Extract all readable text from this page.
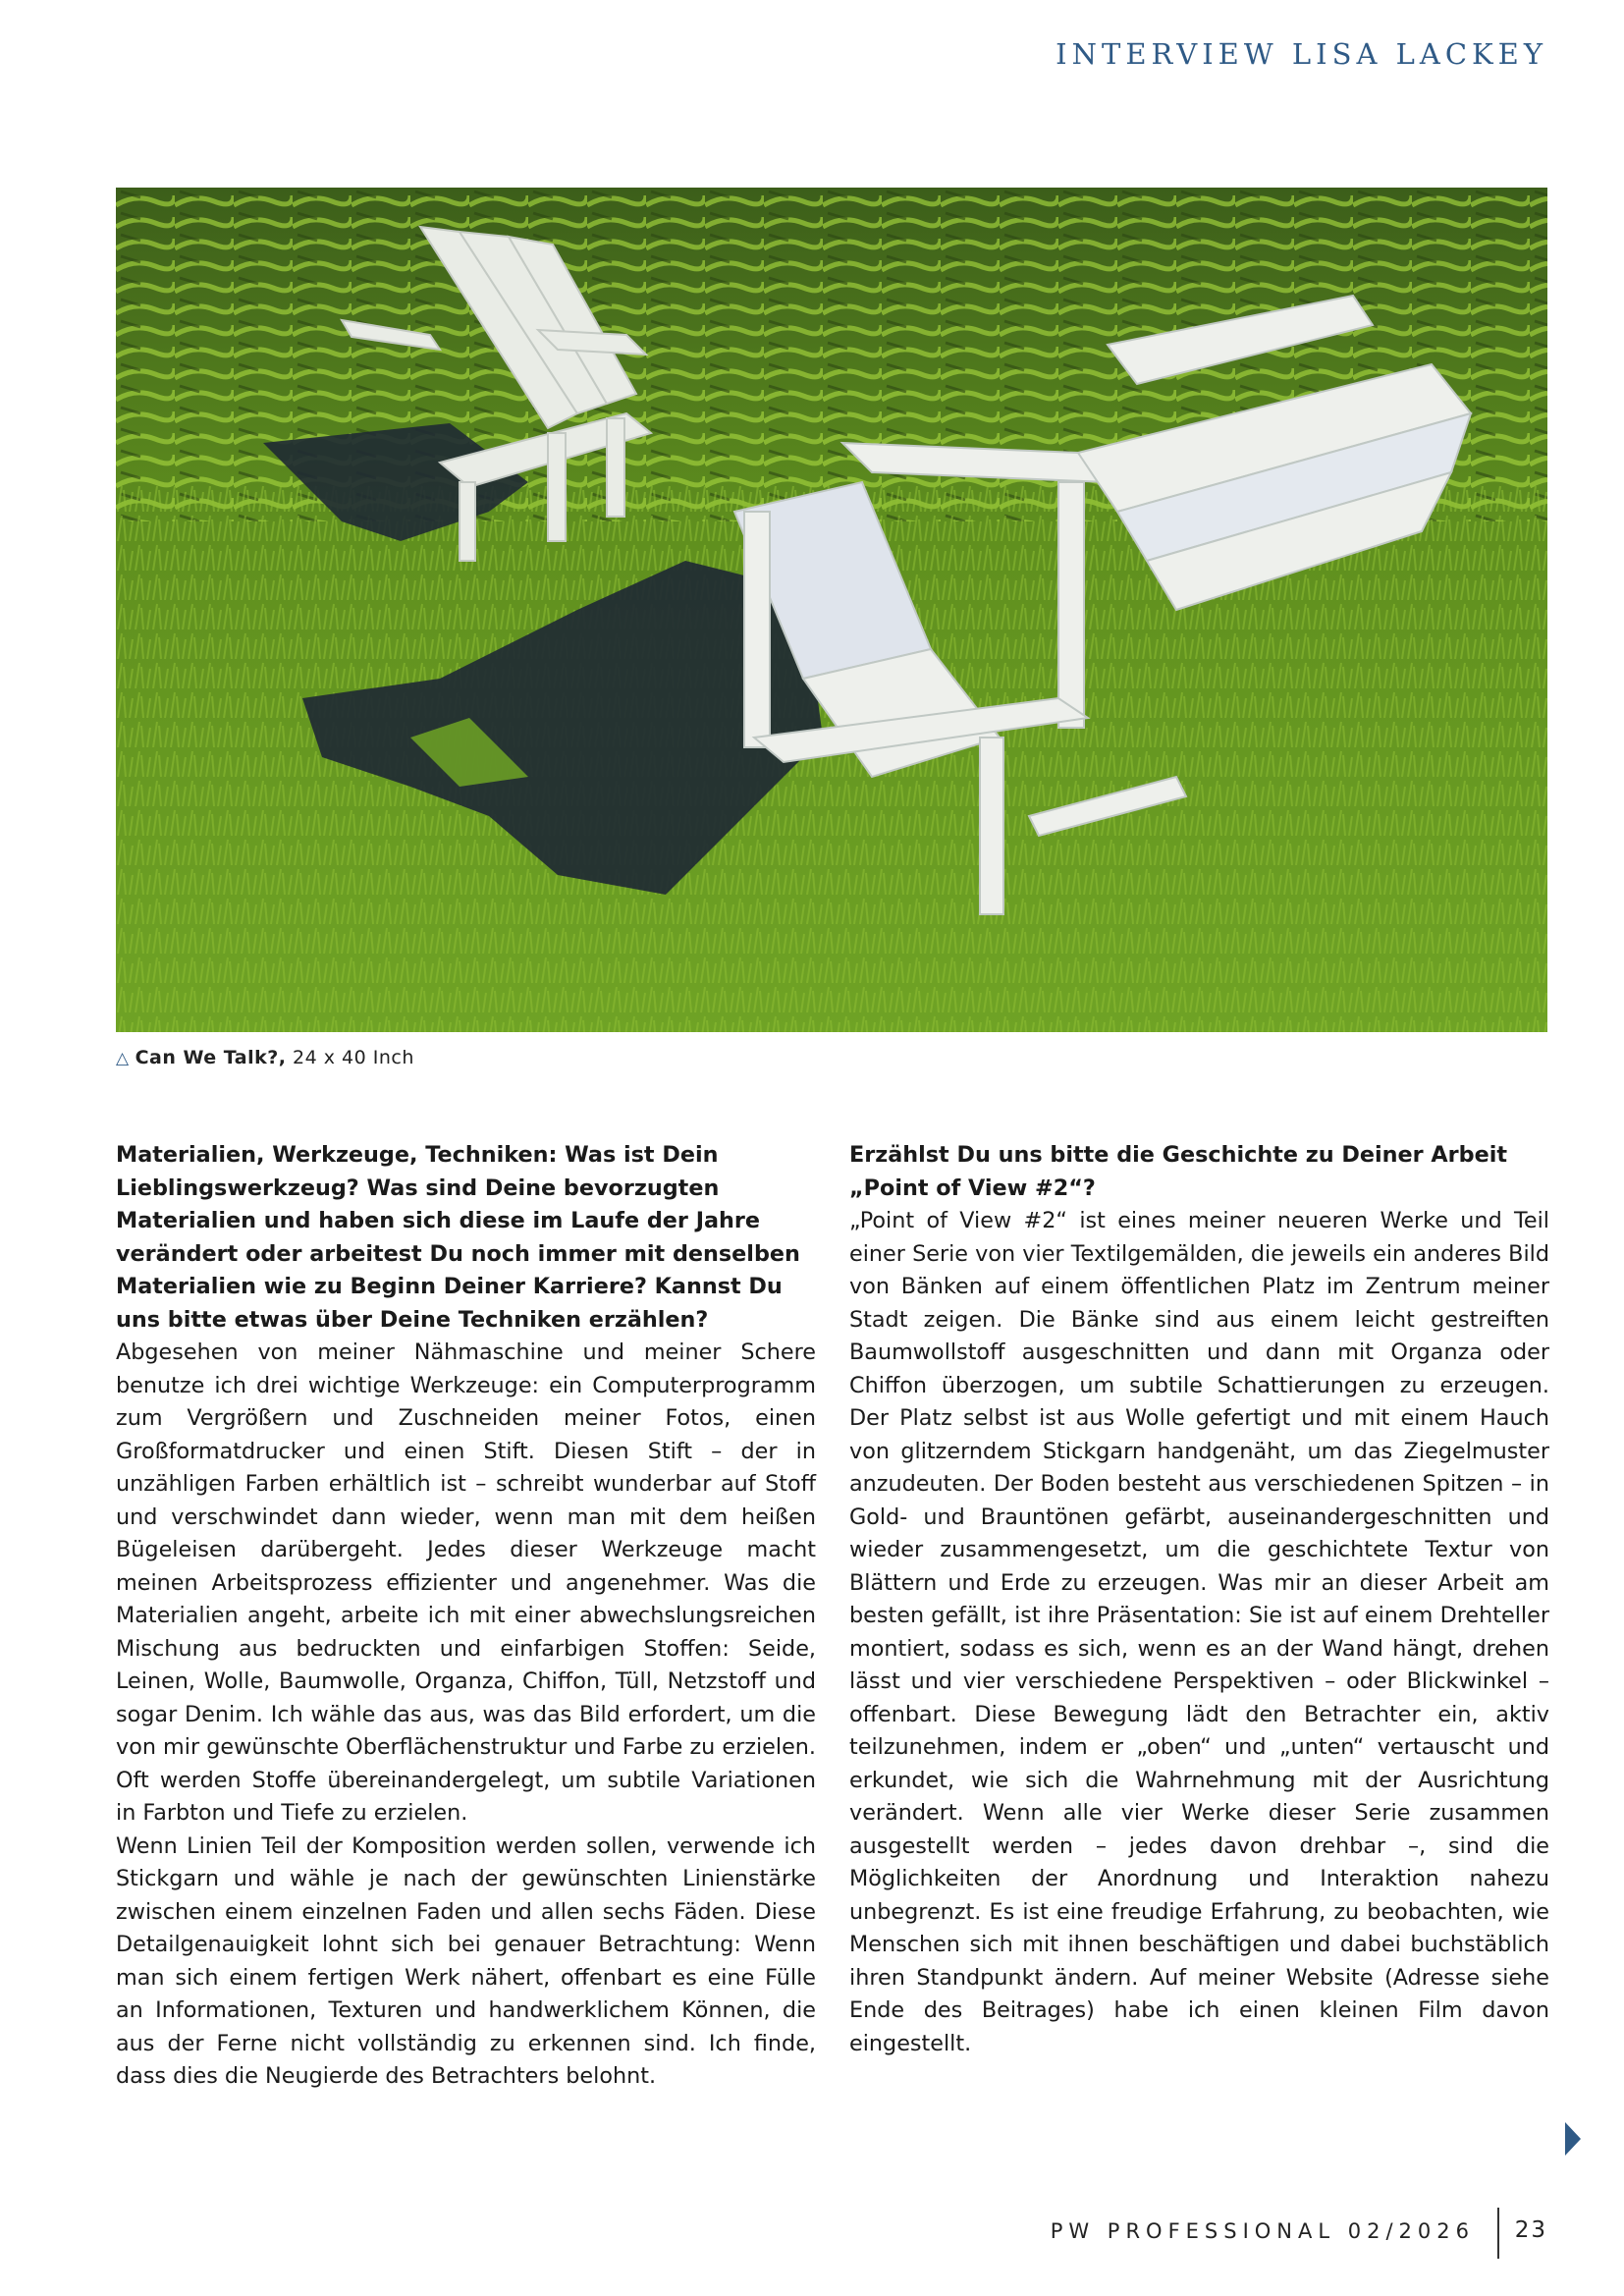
INTERVIEW LISA LACKEY
△ Can We Talk?, 24 x 40 Inch
Materialien, Werkzeuge, Techniken: Was ist Dein Lieblingswerkzeug? Was sind Deine bevorzugten Materialien und haben sich diese im Laufe der Jahre verändert oder arbeitest Du noch immer mit denselben Materialien wie zu Beginn Deiner Karriere? Kannst Du uns bitte etwas über Deine Techniken erzählen?
Abgesehen von meiner Nähmaschine und meiner Schere benutze ich drei wichtige Werkzeuge: ein Computerprogramm zum Vergrößern und Zuschneiden meiner Fotos, einen Großformatdrucker und einen Stift. Diesen Stift – der in unzähligen Farben erhältlich ist – schreibt wunderbar auf Stoff und verschwindet dann wieder, wenn man mit dem heißen Bügeleisen darübergeht. Jedes dieser Werkzeuge macht meinen Arbeitsprozess effizienter und angenehmer. Was die Materialien angeht, arbeite ich mit einer abwechslungsreichen Mischung aus bedruckten und einfarbigen Stoffen: Seide, Leinen, Wolle, Baumwolle, Organza, Chiffon, Tüll, Netzstoff und sogar Denim. Ich wähle das aus, was das Bild erfordert, um die von mir gewünschte Oberflächenstruktur und Farbe zu erzielen. Oft werden Stoffe übereinandergelegt, um subtile Variationen in Farbton und Tiefe zu erzielen.
Wenn Linien Teil der Komposition werden sollen, verwende ich Stickgarn und wähle je nach der gewünschten Linienstärke zwischen einem einzelnen Faden und allen sechs Fäden. Diese Detailgenauigkeit lohnt sich bei genauer Betrachtung: Wenn man sich einem fertigen Werk nähert, offenbart es eine Fülle an Informationen, Texturen und handwerklichem Können, die aus der Ferne nicht vollständig zu erkennen sind. Ich finde, dass dies die Neugierde des Betrachters belohnt.
Erzählst Du uns bitte die Geschichte zu Deiner Arbeit „Point of View #2“?
„Point of View #2“ ist eines meiner neueren Werke und Teil einer Serie von vier Textilgemälden, die jeweils ein anderes Bild von Bänken auf einem öffentlichen Platz im Zentrum meiner Stadt zeigen. Die Bänke sind aus einem leicht gestreiften Baumwollstoff ausgeschnitten und dann mit Organza oder Chiffon überzogen, um subtile Schattierungen zu erzeugen. Der Platz selbst ist aus Wolle gefertigt und mit einem Hauch von glitzerndem Stickgarn handgenäht, um das Ziegelmuster anzudeuten. Der Boden besteht aus verschiedenen Spitzen – in Gold- und Brauntönen gefärbt, auseinandergeschnitten und wieder zusammengesetzt, um die geschichtete Textur von Blättern und Erde zu erzeugen. Was mir an dieser Arbeit am besten gefällt, ist ihre Präsentation: Sie ist auf einem Drehteller montiert, sodass es sich, wenn es an der Wand hängt, drehen lässt und vier verschiedene Perspektiven – oder Blickwinkel – offenbart. Diese Bewegung lädt den Betrachter ein, aktiv teilzunehmen, indem er „oben“ und „unten“ vertauscht und erkundet, wie sich die Wahrnehmung mit der Ausrichtung verändert. Wenn alle vier Werke dieser Serie zusammen ausgestellt werden – jedes davon drehbar –, sind die Möglichkeiten der Anordnung und Interaktion nahezu unbegrenzt. Es ist eine freudige Erfahrung, zu beobachten, wie Menschen sich mit ihnen beschäftigen und dabei buchstäblich ihren Standpunkt ändern. Auf meiner Website (Adresse siehe Ende des Beitrages) habe ich einen kleinen Film davon eingestellt.
PW PROFESSIONAL 02/2026 23
